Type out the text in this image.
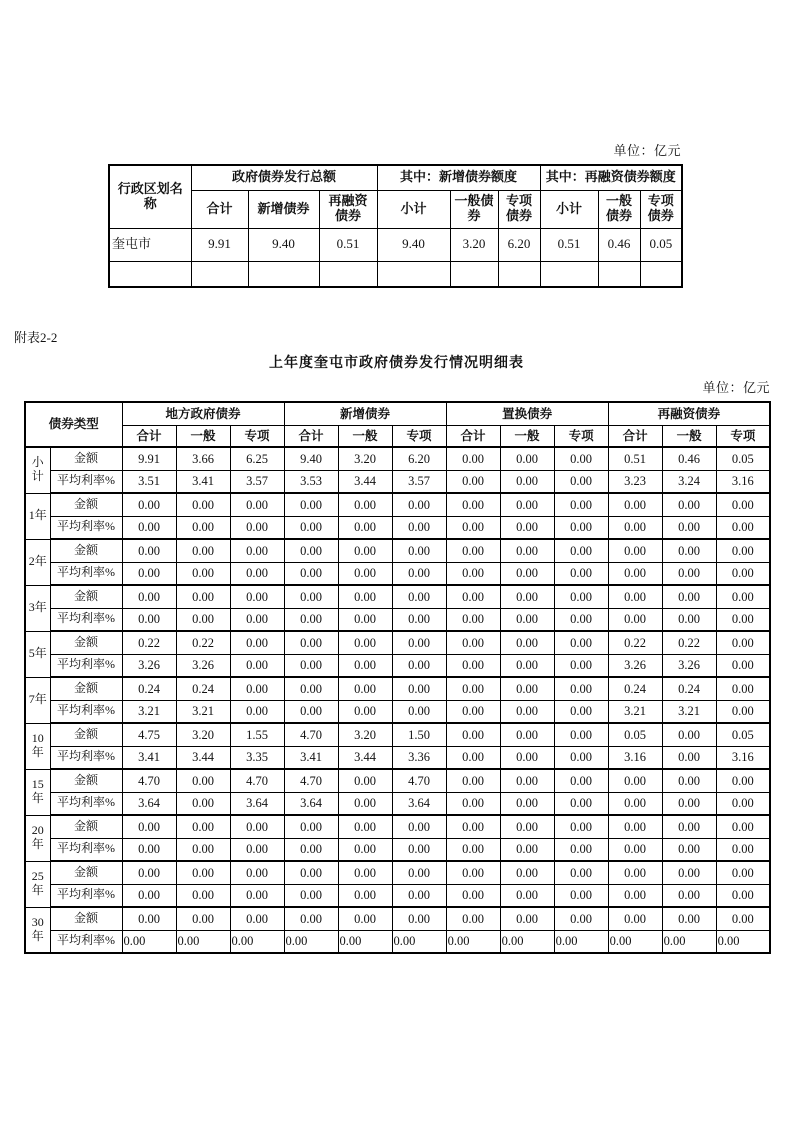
单位：亿元
行政区划名称	政府债券发行总额			其中：新增债券额度			其中：再融资债券额度		
	合计	新增债券	再融资债券	小计	一般债券	专项债券	小计	一般债券	专项债券
奎屯市	9.91	9.40	0.51	9.40	3.20	6.20	0.51	0.46	0.05

附表2-2
上年度奎屯市政府债券发行情况明细表
单位：亿元
债券类型		地方政府债券			新增债券			置换债券			再融资债券		
		合计	一般	专项	合计	一般	专项	合计	一般	专项	合计	一般	专项
小计	金额	9.91	3.66	6.25	9.40	3.20	6.20	0.00	0.00	0.00	0.51	0.46	0.05
	平均利率%	3.51	3.41	3.57	3.53	3.44	3.57	0.00	0.00	0.00	3.23	3.24	3.16
1年	金额	0.00	0.00	0.00	0.00	0.00	0.00	0.00	0.00	0.00	0.00	0.00	0.00
	平均利率%	0.00	0.00	0.00	0.00	0.00	0.00	0.00	0.00	0.00	0.00	0.00	0.00
2年	金额	0.00	0.00	0.00	0.00	0.00	0.00	0.00	0.00	0.00	0.00	0.00	0.00
	平均利率%	0.00	0.00	0.00	0.00	0.00	0.00	0.00	0.00	0.00	0.00	0.00	0.00
3年	金额	0.00	0.00	0.00	0.00	0.00	0.00	0.00	0.00	0.00	0.00	0.00	0.00
	平均利率%	0.00	0.00	0.00	0.00	0.00	0.00	0.00	0.00	0.00	0.00	0.00	0.00
5年	金额	0.22	0.22	0.00	0.00	0.00	0.00	0.00	0.00	0.00	0.22	0.22	0.00
	平均利率%	3.26	3.26	0.00	0.00	0.00	0.00	0.00	0.00	0.00	3.26	3.26	0.00
7年	金额	0.24	0.24	0.00	0.00	0.00	0.00	0.00	0.00	0.00	0.24	0.24	0.00
	平均利率%	3.21	3.21	0.00	0.00	0.00	0.00	0.00	0.00	0.00	3.21	3.21	0.00
10年	金额	4.75	3.20	1.55	4.70	3.20	1.50	0.00	0.00	0.00	0.05	0.00	0.05
	平均利率%	3.41	3.44	3.35	3.41	3.44	3.36	0.00	0.00	0.00	3.16	0.00	3.16
15年	金额	4.70	0.00	4.70	4.70	0.00	4.70	0.00	0.00	0.00	0.00	0.00	0.00
	平均利率%	3.64	0.00	3.64	3.64	0.00	3.64	0.00	0.00	0.00	0.00	0.00	0.00
20年	金额	0.00	0.00	0.00	0.00	0.00	0.00	0.00	0.00	0.00	0.00	0.00	0.00
	平均利率%	0.00	0.00	0.00	0.00	0.00	0.00	0.00	0.00	0.00	0.00	0.00	0.00
25年	金额	0.00	0.00	0.00	0.00	0.00	0.00	0.00	0.00	0.00	0.00	0.00	0.00
	平均利率%	0.00	0.00	0.00	0.00	0.00	0.00	0.00	0.00	0.00	0.00	0.00	0.00
30年	金额	0.00	0.00	0.00	0.00	0.00	0.00	0.00	0.00	0.00	0.00	0.00	0.00
	平均利率%	0.00	0.00	0.00	0.00	0.00	0.00	0.00	0.00	0.00	0.00	0.00	0.00
